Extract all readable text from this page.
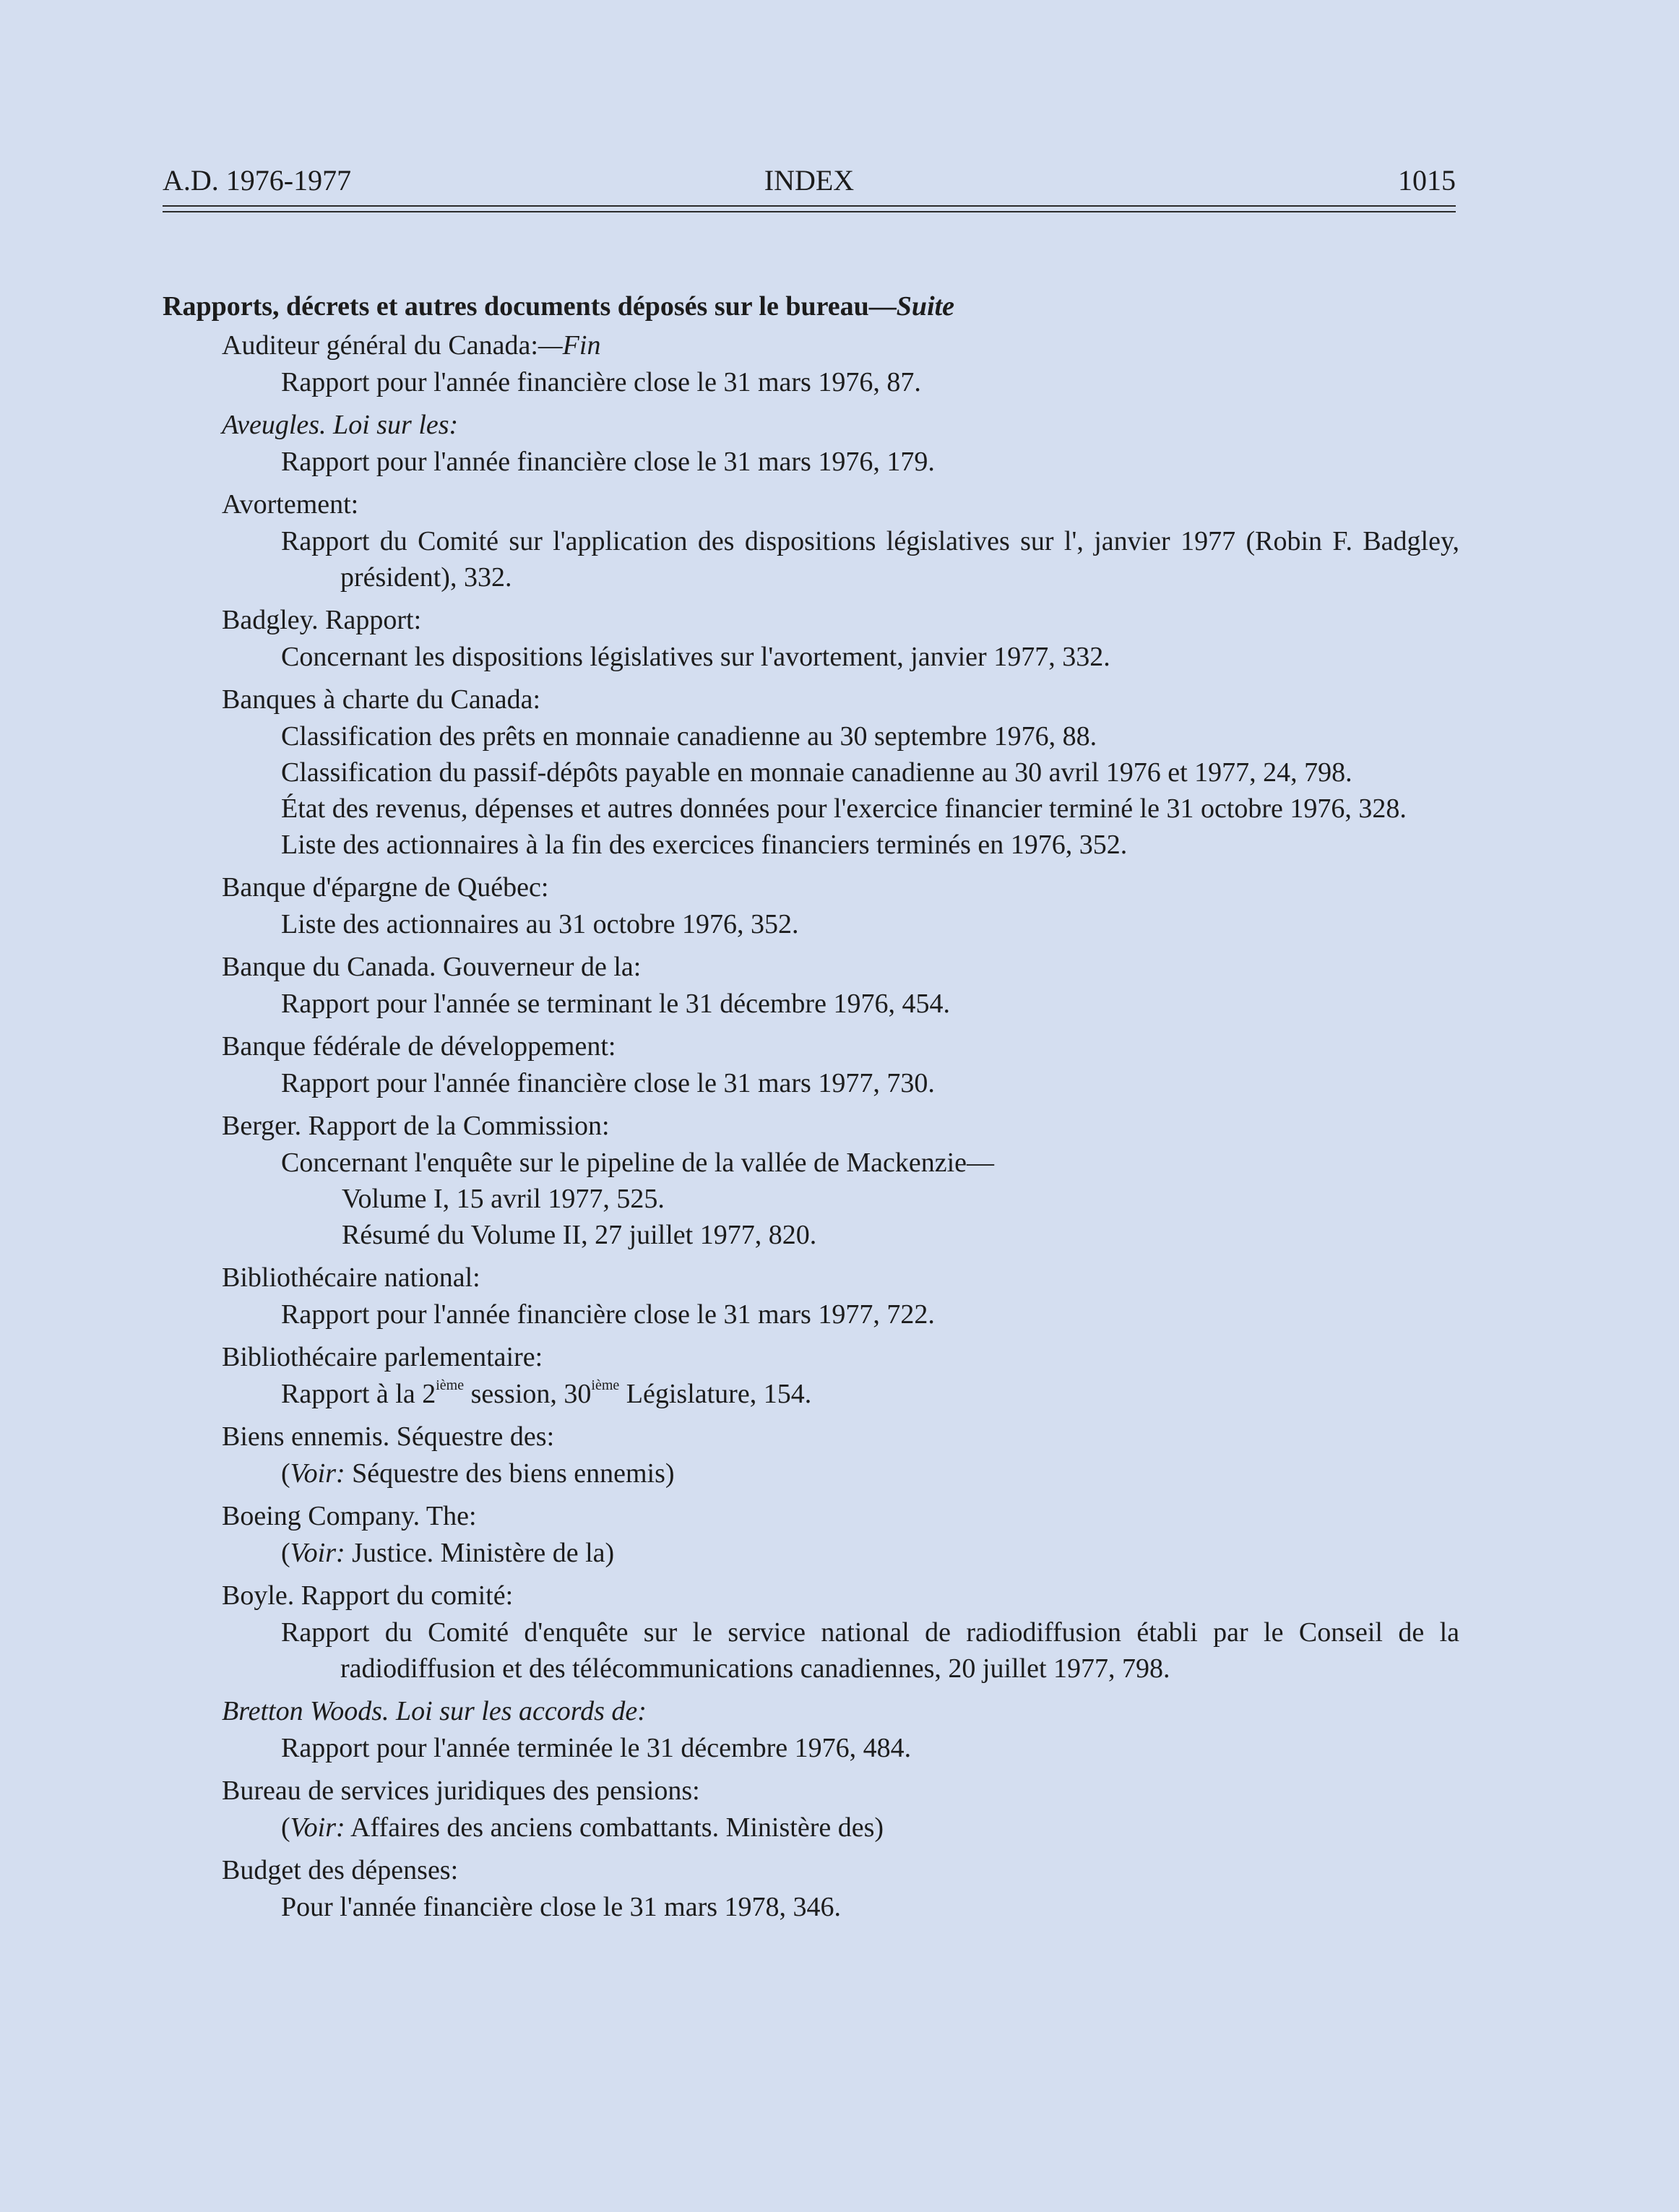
A.D. 1976-1977	INDEX	1015
Rapports, décrets et autres documents déposés sur le bureau—Suite
Auditeur général du Canada:—Fin
Rapport pour l'année financière close le 31 mars 1976, 87.
Aveugles. Loi sur les:
Rapport pour l'année financière close le 31 mars 1976, 179.
Avortement:
Rapport du Comité sur l'application des dispositions législatives sur l', janvier 1977 (Robin F. Badgley, président), 332.
Badgley. Rapport:
Concernant les dispositions législatives sur l'avortement, janvier 1977, 332.
Banques à charte du Canada:
Classification des prêts en monnaie canadienne au 30 septembre 1976, 88.
Classification du passif-dépôts payable en monnaie canadienne au 30 avril 1976 et 1977, 24, 798.
État des revenus, dépenses et autres données pour l'exercice financier terminé le 31 octobre 1976, 328.
Liste des actionnaires à la fin des exercices financiers terminés en 1976, 352.
Banque d'épargne de Québec:
Liste des actionnaires au 31 octobre 1976, 352.
Banque du Canada. Gouverneur de la:
Rapport pour l'année se terminant le 31 décembre 1976, 454.
Banque fédérale de développement:
Rapport pour l'année financière close le 31 mars 1977, 730.
Berger. Rapport de la Commission:
Concernant l'enquête sur le pipeline de la vallée de Mackenzie—
Volume I, 15 avril 1977, 525.
Résumé du Volume II, 27 juillet 1977, 820.
Bibliothécaire national:
Rapport pour l'année financière close le 31 mars 1977, 722.
Bibliothécaire parlementaire:
Rapport à la 2ième session, 30ième Législature, 154.
Biens ennemis. Séquestre des:
(Voir: Séquestre des biens ennemis)
Boeing Company. The:
(Voir: Justice. Ministère de la)
Boyle. Rapport du comité:
Rapport du Comité d'enquête sur le service national de radiodiffusion établi par le Conseil de la radiodiffusion et des télécommunications canadiennes, 20 juillet 1977, 798.
Bretton Woods. Loi sur les accords de:
Rapport pour l'année terminée le 31 décembre 1976, 484.
Bureau de services juridiques des pensions:
(Voir: Affaires des anciens combattants. Ministère des)
Budget des dépenses:
Pour l'année financière close le 31 mars 1978, 346.
